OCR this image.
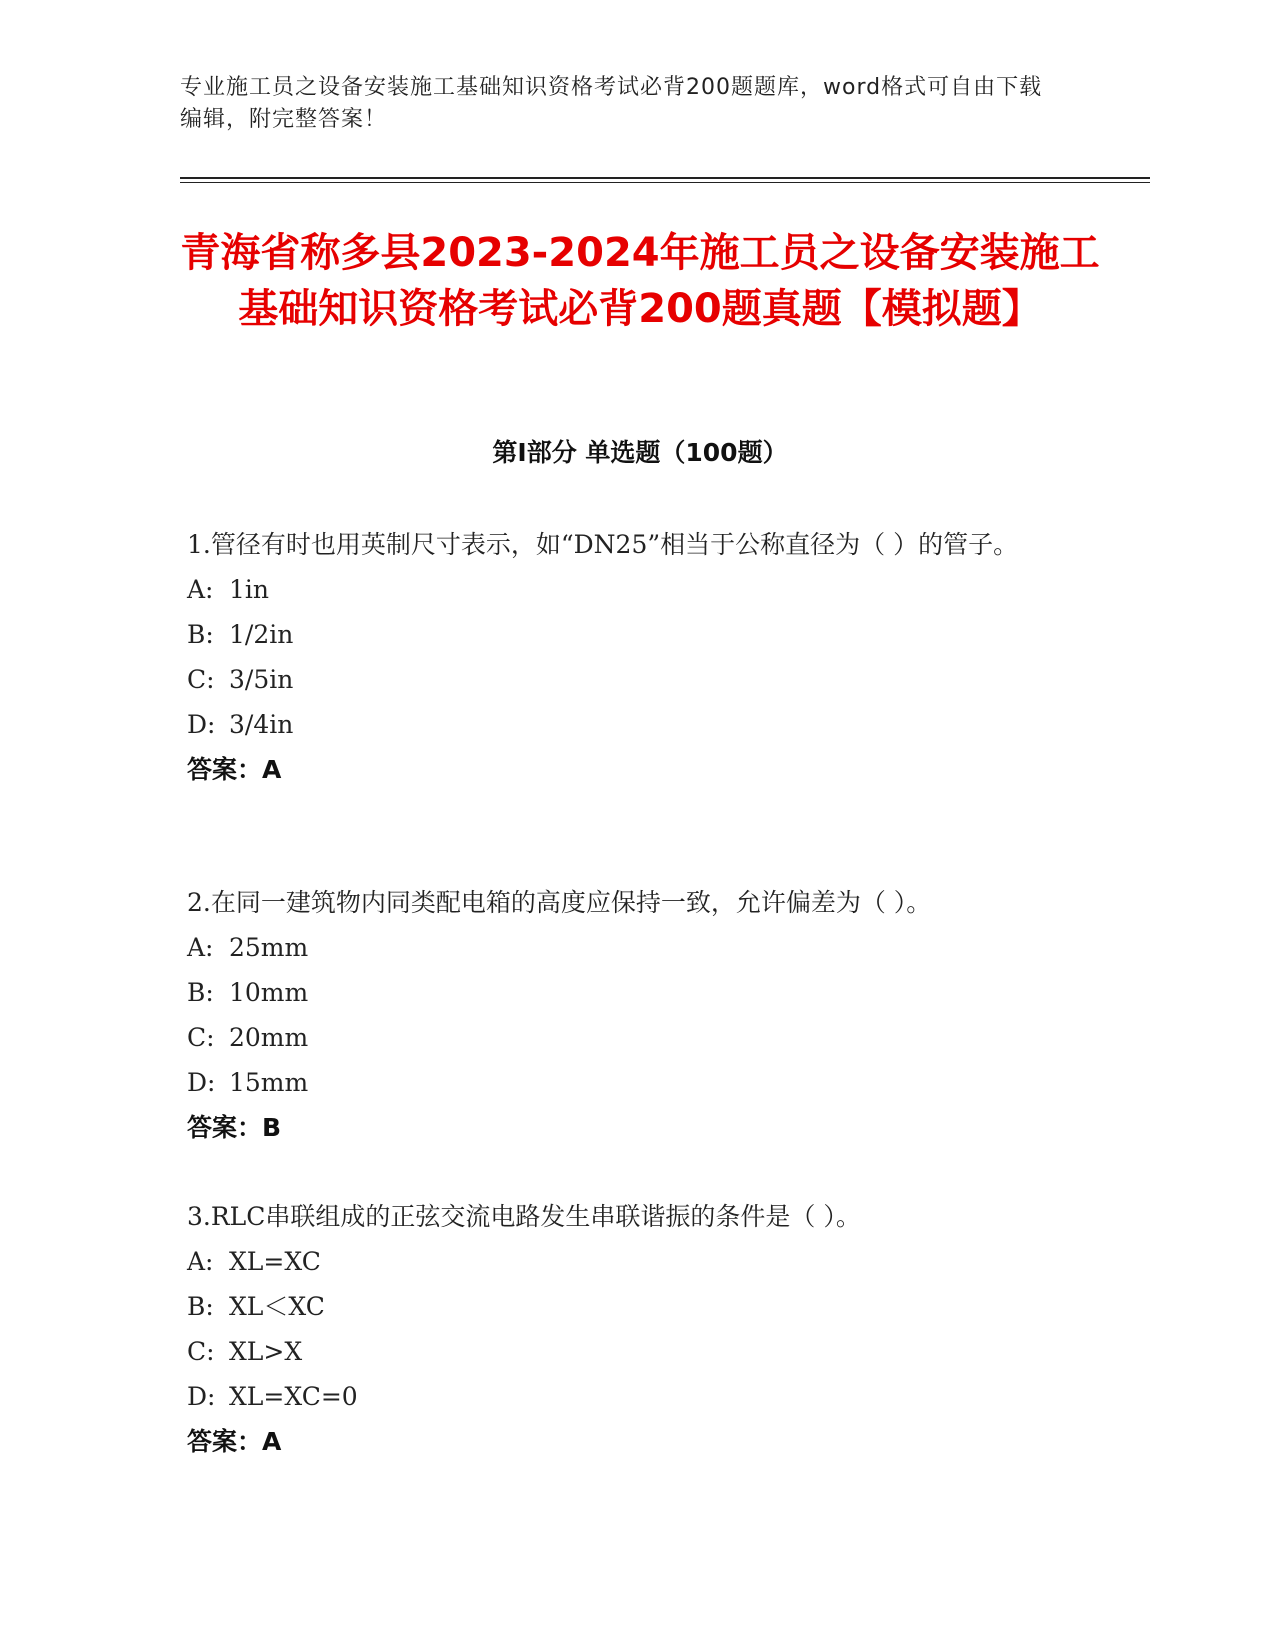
专业施工员之设备安装施工基础知识资格考试必背200题题库，word格式可自由下载编辑，附完整答案！
青海省称多县2023-2024年施工员之设备安装施工基础知识资格考试必背200题真题【模拟题】
第I部分 单选题（100题）

1.管径有时也用英制尺寸表示，如“DN25”相当于公称直径为（ ）的管子。

A: 1in
B: 1/2in
C: 3/5in
D: 3/4in
答案：A

2.在同一建筑物内同类配电箱的高度应保持一致，允许偏差为（ ）。

A: 25mm
B: 10mm
C: 20mm
D: 15mm
答案：B

3.RLC串联组成的正弦交流电路发生串联谐振的条件是（ ）。

A: XL=XC
B: XL＜XC
C: XL>X
D: XL=XC=0
答案：A
